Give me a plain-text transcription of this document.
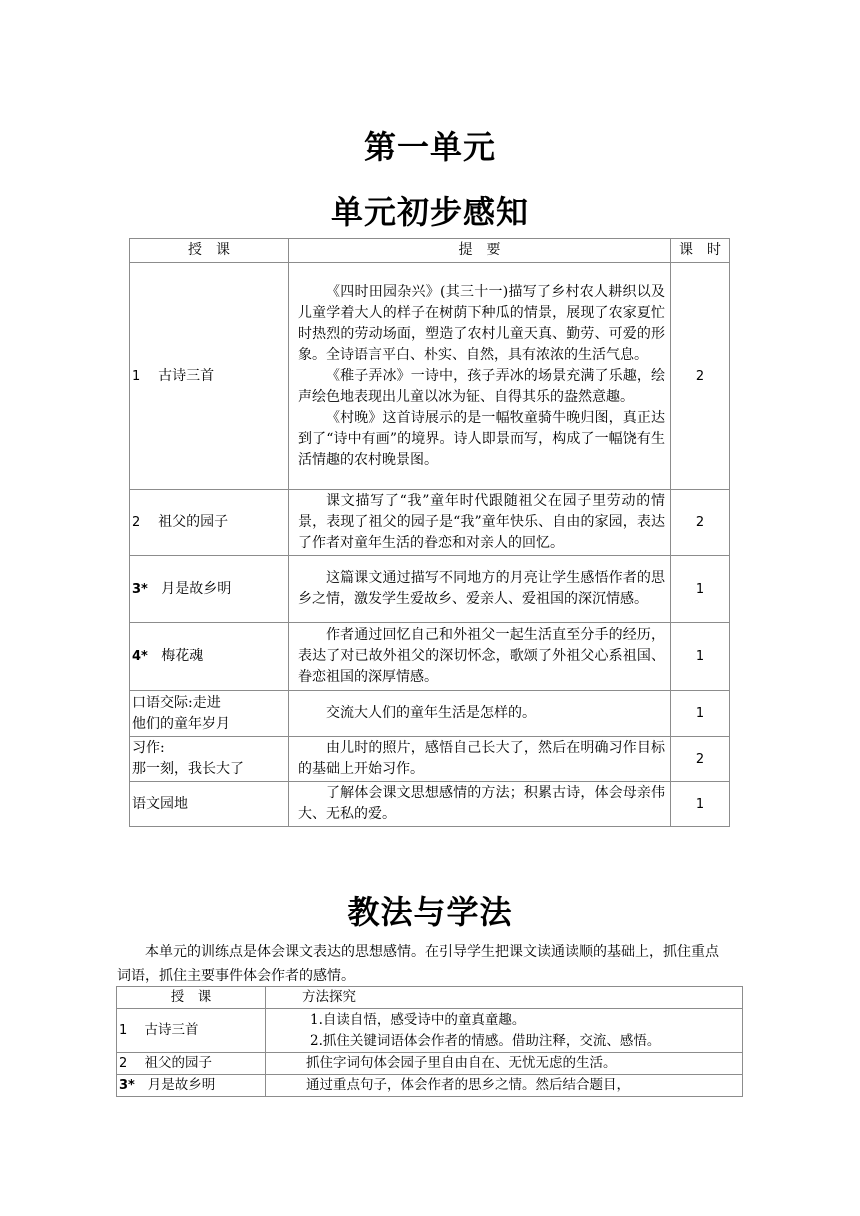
第一单元
单元初步感知
授　课	提　要	课　时
1 古诗三首	《四时田园杂兴》(其三十一)描写了乡村农人耕织以及儿童学着大人的样子在树荫下种瓜的情景，展现了农家夏忙时热烈的劳动场面，塑造了农村儿童天真、勤劳、可爱的形象。全诗语言平白、朴实、自然，具有浓浓的生活气息。

《稚子弄冰》一诗中，孩子弄冰的场景充满了乐趣，绘声绘色地表现出儿童以冰为钲、自得其乐的盎然意趣。

《村晚》这首诗展示的是一幅牧童骑牛晚归图，真正达到了“诗中有画”的境界。诗人即景而写，构成了一幅饶有生活情趣的农村晚景图。	2
2 祖父的园子	课文描写了“我”童年时代跟随祖父在园子里劳动的情景，表现了祖父的园子是“我”童年快乐、自由的家园，表达了作者对童年生活的眷恋和对亲人的回忆。	2
3* 月是故乡明	这篇课文通过描写不同地方的月亮让学生感悟作者的思乡之情，激发学生爱故乡、爱亲人、爱祖国的深沉情感。	1
4* 梅花魂	作者通过回忆自己和外祖父一起生活直至分手的经历，表达了对已故外祖父的深切怀念，歌颂了外祖父心系祖国、眷恋祖国的深厚情感。	1

口语交际:走进
他们的童年岁月	交流大人们的童年生活是怎样的。	1

习作:
那一刻，我长大了	由儿时的照片，感悟自己长大了，然后在明确习作目标的基础上开始习作。	2

语文园地	了解体会课文思想感情的方法；积累古诗，体会母亲伟大、无私的爱。	1
教法与学法

本单元的训练点是体会课文表达的思想感情。在引导学生把课文读通读顺的基础上，抓住重点词语，抓住主要事件体会作者的感情。

授　课	方法探究
1 古诗三首	1.自读自悟，感受诗中的童真童趣。
2.抓住关键词语体会作者的情感。借助注释，交流、感悟。

2 祖父的园子	抓住字词句体会园子里自由自在、无忧无虑的生活。

3* 月是故乡明	通过重点句子，体会作者的思乡之情。然后结合题目，
